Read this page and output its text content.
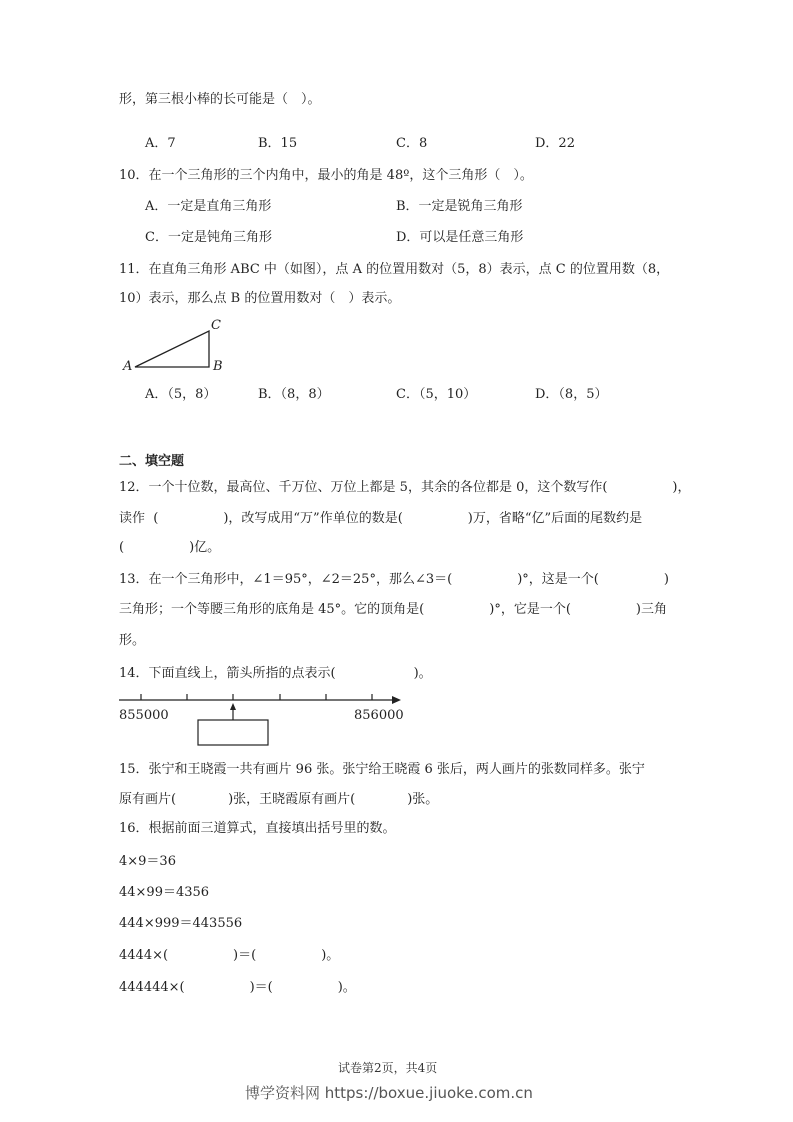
形，第三根小棒的长可能是（　）。
A．7	B．15	C．8	D．22
10．在一个三角形的三个内角中，最小的角是 48º，这个三角形（　）。
A．一定是直角三角形	B．一定是锐角三角形
C．一定是钝角三角形	D．可以是任意三角形
11．在直角三角形 ABC 中（如图），点 A 的位置用数对（5，8）表示，点 C 的位置用数（8，
10）表示，那么点 B 的位置用数对（　）表示。
A	B
C
A．（5，8）	B．（8，8）	C．（5，10）	D．（8，5）
二、填空题
12．一个十位数，最高位、千万位、万位上都是 5，其余的各位都是 0，这个数写作(　　　　　)，
读作  (　　　　　)，改写成用“万”作单位的数是(　　　　　)万，省略“亿”后面的尾数约是
(　　　　　)亿。
13．在一个三角形中，∠1＝95°，∠2＝25°，那么∠3＝(　　　　　)°，这是一个(　　　　　)
三角形；一个等腰三角形的底角是 45°。它的顶角是(　　　　　)°，它是一个(　　　　　)三角
形。
14．下面直线上，箭头所指的点表示(　　　　　　)。
855000	856000
15．张宁和王晓霞一共有画片 96 张。张宁给王晓霞 6 张后，两人画片的张数同样多。张宁
原有画片(　　　　)张，王晓霞原有画片(　　　　)张。
16．根据前面三道算式，直接填出括号里的数。
4×9＝36
44×99＝4356
444×999＝443556
4444×(　　　　　)＝(　　　　　)。
444444×(　　　　　)＝(　　　　　)。
试卷第2页，共4页
博学资料网 https://boxue.jiuoke.com.cn
